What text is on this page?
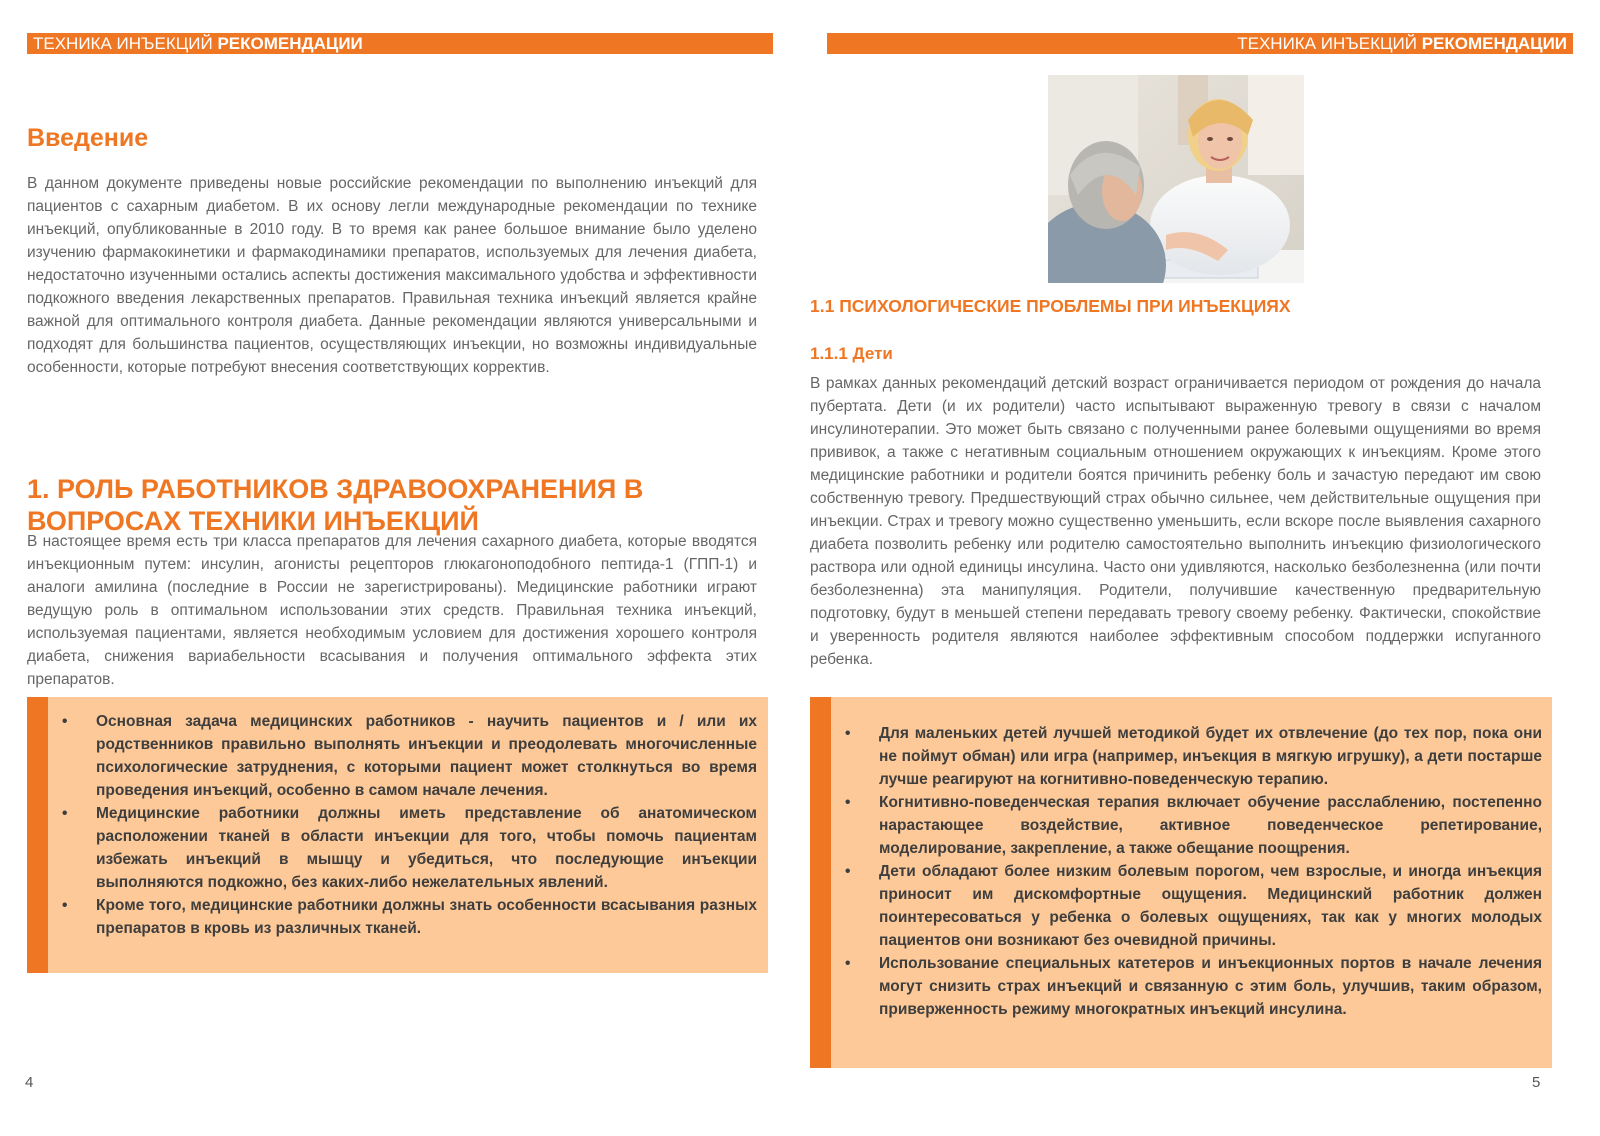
ТЕХНИКА ИНЪЕКЦИЙ РЕКОМЕНДАЦИИ
Введение

В данном документе приведены новые российские рекомендации по выполнению инъекций для пациентов с сахарным диабетом. В их основу легли международные рекомендации по технике инъекций, опубликованные в 2010 году. В то время как ранее большое внимание было уделено изучению фармакокинетики и фармакодинамики препаратов, используемых для лечения диабета, недостаточно изученными остались аспекты достижения максимального удобства и эффективности подкожного введения лекарственных препаратов. Правильная техника инъекций является крайне важной для оптимального контроля диабета. Данные рекомендации являются универсальными и подходят для большинства пациентов, осуществляющих инъекции, но возможны индивидуальные особенности, которые потребуют внесения соответствующих корректив.

1. РОЛЬ РАБОТНИКОВ ЗДРАВООХРАНЕНИЯ В ВОПРОСАХ ТЕХНИКИ ИНЪЕКЦИЙ

В настоящее время есть три класса препаратов для лечения сахарного диабета, которые вводятся инъекционным путем: инсулин, агонисты рецепторов глюкагоноподобного пептида-1 (ГПП-1) и аналоги амилина (последние в России не зарегистрированы). Медицинские работники играют ведущую роль в оптимальном использовании этих средств. Правильная техника инъекций, используемая пациентами, является необходимым условием для достижения хорошего контроля диабета, снижения вариабельности всасывания и получения оптимального эффекта этих препаратов.

• Основная задача медицинских работников - научить пациентов и / или их родственников правильно выполнять инъекции и преодолевать многочисленные психологические затруднения, с которыми пациент может столкнуться во время проведения инъекций, особенно в самом начале лечения.
• Медицинские работники должны иметь представление об анатомическом расположении тканей в области инъекции для того, чтобы помочь пациентам избежать инъекций в мышцу и убедиться, что последующие инъекции выполняются подкожно, без каких-либо нежелательных явлений.
• Кроме того, медицинские работники должны знать особенности всасывания разных препаратов в кровь из различных тканей.
4
ТЕХНИКА ИНЪЕКЦИЙ РЕКОМЕНДАЦИИ
1.1 ПСИХОЛОГИЧЕСКИЕ ПРОБЛЕМЫ ПРИ ИНЪЕКЦИЯХ
1.1.1 Дети

В рамках данных рекомендаций детский возраст ограничивается периодом от рождения до начала пубертата. Дети (и их родители) часто испытывают выраженную тревогу в связи с началом инсулинотерапии. Это может быть связано с полученными ранее болевыми ощущениями во время прививок, а также с негативным социальным отношением окружающих к инъекциям. Кроме этого медицинские работники и родители боятся причинить ребенку боль и зачастую передают им свою собственную тревогу. Предшествующий страх обычно сильнее, чем действительные ощущения при инъекции. Страх и тревогу можно существенно уменьшить, если вскоре после выявления сахарного диабета позволить ребенку или родителю самостоятельно выполнить инъекцию физиологического раствора или одной единицы инсулина. Часто они удивляются, насколько безболезненна (или почти безболезненна) эта манипуляция. Родители, получившие качественную предварительную подготовку, будут в меньшей степени передавать тревогу своему ребенку. Фактически, спокойствие и уверенность родителя являются наиболее эффективным способом поддержки испуганного ребенка.

• Для маленьких детей лучшей методикой будет их отвлечение (до тех пор, пока они не поймут обман) или игра (например, инъекция в мягкую игрушку), а дети постарше лучше реагируют на когнитивно-поведенческую терапию.
• Когнитивно-поведенческая терапия включает обучение расслаблению, постепенно нарастающее воздействие, активное поведенческое репетирование, моделирование, закрепление, а также обещание поощрения.
• Дети обладают более низким болевым порогом, чем взрослые, и иногда инъекция приносит им дискомфортные ощущения. Медицинский работник должен поинтересоваться у ребенка о болевых ощущениях, так как у многих молодых пациентов они возникают без очевидной причины.
• Использование специальных катетеров и инъекционных портов в начале лечения могут снизить страх инъекций и связанную с этим боль, улучшив, таким образом, приверженность режиму многократных инъекций инсулина.
5
